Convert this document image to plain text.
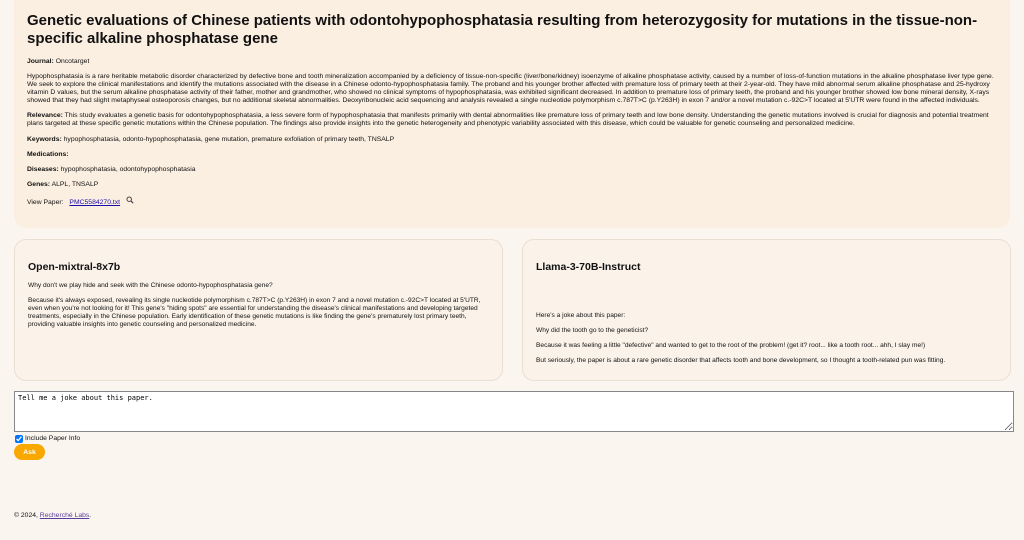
Genetic evaluations of Chinese patients with odontohypophosphatasia resulting from heterozygosity for mutations in the tissue-non-specific alkaline phosphatase gene
Journal: Oncotarget
Hypophosphatasia is a rare heritable metabolic disorder characterized by defective bone and tooth mineralization accompanied by a deficiency of tissue-non-specific (liver/bone/kidney) isoenzyme of alkaline phosphatase activity, caused by a number of loss-of-function mutations in the alkaline phosphatase liver type gene. We seek to explore the clinical manifestations and identify the mutations associated with the disease in a Chinese odonto-hypophosphatasia family. The proband and his younger brother affected with premature loss of primary teeth at their 2-year-old. They have mild abnormal serum alkaline phosphatase and 25-hydroxy vitamin D values, but the serum alkaline phosphatase activity of their father, mother and grandmother, who showed no clinical symptoms of hypophosphatasia, was exhibited significant decreased. In addition to premature loss of primary teeth, the proband and his younger brother showed low bone mineral density, X-rays showed that they had slight metaphyseal osteoporosis changes, but no additional skeletal abnormalities. Deoxyribonucleic acid sequencing and analysis revealed a single nucleotide polymorphism c.787T>C (p.Y263H) in exon 7 and/or a novel mutation c.-92C>T located at 5'UTR were found in the affected individuals.
Relevance: This study evaluates a genetic basis for odontohypophosphatasia, a less severe form of hypophosphatasia that manifests primarily with dental abnormalities like premature loss of primary teeth and low bone density. Understanding the genetic mutations involved is crucial for diagnosis and potential treatment plans targeted at these specific genetic mutations within the Chinese population. The findings also provide insights into the genetic heterogeneity and phenotypic variability associated with this disease, which could be valuable for genetic counseling and personalized medicine.
Keywords: hypophosphatasia, odonto-hypophosphatasia, gene mutation, premature exfoliation of primary teeth, TNSALP
Medications:
Diseases: hypophosphatasia, odontohypophosphatasia
Genes: ALPL, TNSALP
View Paper: PMC5584270.txt
Open-mixtral-8x7b

Why don't we play hide and seek with the Chinese odonto-hypophosphatasia gene?

Because it's always exposed, revealing its single nucleotide polymorphism c.787T>C (p.Y263H) in exon 7 and a novel mutation c.-92C>T located at 5'UTR, even when you're not looking for it! This gene's "hiding spots" are essential for understanding the disease's clinical manifestations and developing targeted treatments, especially in the Chinese population. Early identification of these genetic mutations is like finding the gene's prematurely lost primary teeth, providing valuable insights into genetic counseling and personalized medicine.

Llama-3-70B-Instruct

Here's a joke about this paper:

Why did the tooth go to the geneticist?

Because it was feeling a little "defective" and wanted to get to the root of the problem! (get it? root... like a tooth root... ahh, I slay me!)

But seriously, the paper is about a rare genetic disorder that affects tooth and bone development, so I thought a tooth-related pun was fitting.

Tell me a joke about this paper.
Include Paper Info
Ask
© 2024, Recherché Labs.
